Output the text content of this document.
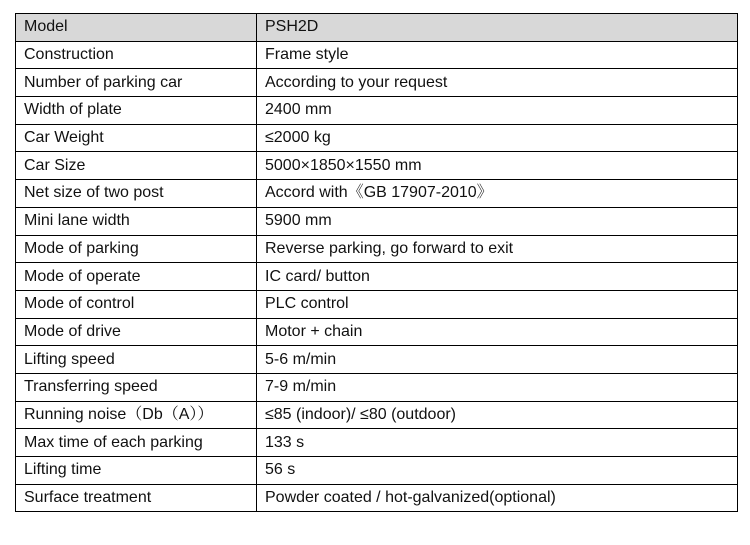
Model	PSH2D
Construction	Frame style
Number of parking car	According to your request
Width of plate	2400 mm
Car Weight	≤2000 kg
Car Size	5000×1850×1550 mm
Net size of two post	Accord with《GB 17907-2010》
Mini lane width	5900 mm
Mode of parking	Reverse parking, go forward to exit
Mode of operate	IC card/ button
Mode of control	PLC control
Mode of drive	Motor + chain
Lifting speed	5-6 m/min
Transferring speed	7-9 m/min
Running noise（Db（A））	≤85 (indoor)/ ≤80 (outdoor)
Max time of each parking	133 s
Lifting time	56 s
Surface treatment	Powder coated / hot-galvanized(optional)
